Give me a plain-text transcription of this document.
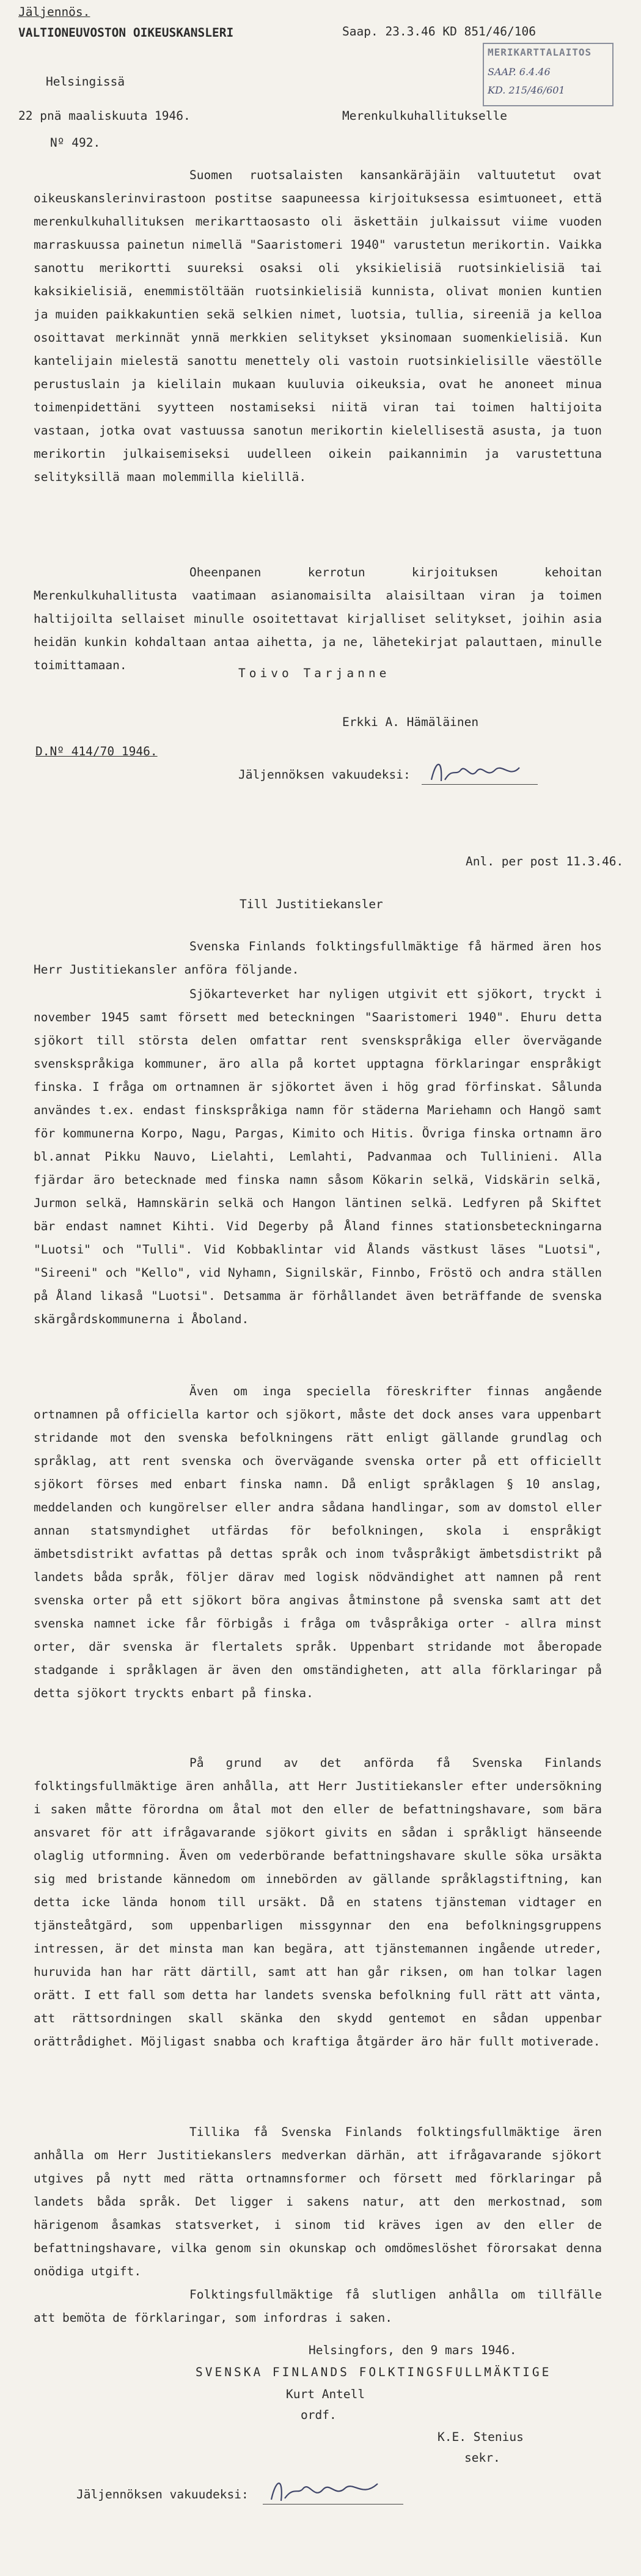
Jäljennös.
Saap. 23.3.46 KD 851/46/106
VALTIONEUVOSTON OIKEUSKANSLERI
Helsingissä
22 pnä maaliskuuta 1946.	Merenkulkuhallitukselle
Nº 492.
MERIKARTTALAITOS
SAAP. 6.4.46
KD. 215/46/601
Suomen ruotsalaisten kansankäräjäin valtuutetut ovat oikeuskanslerinvirastoon postitse saapuneessa kirjoituksessa esimtuoneet, että merenkulkuhallituksen merikarttaosasto oli äskettäin julkaissut viime vuoden marraskuussa painetun nimellä "Saaristomeri 1940" varustetun merikortin. Vaikka sanottu merikortti suureksi osaksi oli yksikielisiä ruotsinkielisiä tai kaksikielisiä, enemmistöltään ruotsinkielisiä kunnista, olivat monien kuntien ja muiden paikkakuntien sekä selkien nimet, luotsia, tullia, sireeniä ja kelloa osoittavat merkinnät ynnä merkkien selitykset yksinomaan suomenkielisiä. Kun kantelijain mielestä sanottu menettely oli vastoin ruotsinkielisille väestölle perustuslain ja kielilain mukaan kuuluvia oikeuksia, ovat he anoneet minua toimenpidettäni syytteen nostamiseksi niitä viran tai toimen haltijoita vastaan, jotka ovat vastuussa sanotun merikortin kielellisestä asusta, ja tuon merikortin julkaisemiseksi uudelleen oikein paikannimin ja varustettuna selityksillä maan molemmilla kielillä.
Oheenpanen kerrotun kirjoituksen kehoitan Merenkulkuhallitusta vaatimaan asianomaisilta alaisiltaan viran ja toimen haltijoilta sellaiset minulle osoitettavat kirjalliset selitykset, joihin asia heidän kunkin kohdaltaan antaa aihetta, ja ne, lähetekirjat palauttaen, minulle toimittamaan.
Toivo Tarjanne
Erkki A. Hämäläinen
D.Nº 414/70 1946.
Jäljennöksen vakuudeksi:
Anl. per post 11.3.46.
Till Justitiekansler
Svenska Finlands folktingsfullmäktige få härmed ären hos Herr Justitiekansler anföra följande.
Sjökarteverket har nyligen utgivit ett sjökort, tryckt i november 1945 samt försett med beteckningen "Saaristomeri 1940". Ehuru detta sjökort till största delen omfattar rent svenskspråkiga eller övervägande svenskspråkiga kommuner, äro alla på kortet upptagna förklaringar enspråkigt finska. I fråga om ortnamnen är sjökortet även i hög grad förfinskat. Sålunda användes t.ex. endast finskspråkiga namn för städerna Mariehamn och Hangö samt för kommunerna Korpo, Nagu, Pargas, Kimito och Hitis. Övriga finska ortnamn äro bl.annat Pikku Nauvo, Lielahti, Lemlahti, Padvanmaa och Tullinieni. Alla fjärdar äro betecknade med finska namn såsom Kökarin selkä, Vidskärin selkä, Jurmon selkä, Hamnskärin selkä och Hangon läntinen selkä. Ledfyren på Skiftet bär endast namnet Kihti. Vid Degerby på Åland finnes stationsbeteckningarna "Luotsi" och "Tulli". Vid Kobbaklintar vid Ålands västkust läses "Luotsi", "Sireeni" och "Kello", vid Nyhamn, Signilskär, Finnbo, Fröstö och andra ställen på Åland likaså "Luotsi". Detsamma är förhållandet även beträffande de svenska skärgårdskommunerna i Åboland.
Även om inga speciella föreskrifter finnas angående ortnamnen på officiella kartor och sjökort, måste det dock anses vara uppenbart stridande mot den svenska befolkningens rätt enligt gällande grundlag och språklag, att rent svenska och övervägande svenska orter på ett officiellt sjökort förses med enbart finska namn. Då enligt språklagen § 10 anslag, meddelanden och kungörelser eller andra sådana handlingar, som av domstol eller annan statsmyndighet utfärdas för befolkningen, skola i enspråkigt ämbetsdistrikt avfattas på dettas språk och inom tvåspråkigt ämbetsdistrikt på landets båda språk, följer därav med logisk nödvändighet att namnen på rent svenska orter på ett sjökort böra angivas åtminstone på svenska samt att det svenska namnet icke får förbigås i fråga om tvåspråkiga orter - allra minst orter, där svenska är flertalets språk. Uppenbart stridande mot åberopade stadgande i språklagen är även den omständigheten, att alla förklaringar på detta sjökort tryckts enbart på finska.
På grund av det anförda få Svenska Finlands folktingsfullmäktige ären anhålla, att Herr Justitiekansler efter undersökning i saken måtte förordna om åtal mot den eller de befattningshavare, som bära ansvaret för att ifrågavarande sjökort givits en sådan i språkligt hänseende olaglig utformning. Även om vederbörande befattningshavare skulle söka ursäkta sig med bristande kännedom om innebörden av gällande språklagstiftning, kan detta icke lända honom till ursäkt. Då en statens tjänsteman vidtager en tjänsteåtgärd, som uppenbarligen missgynnar den ena befolkningsgruppens intressen, är det minsta man kan begära, att tjänstemannen ingående utreder, huruvida han har rätt därtill, samt att han går riksen, om han tolkar lagen orätt. I ett fall som detta har landets svenska befolkning full rätt att vänta, att rättsordningen skall skänka den skydd gentemot en sådan uppenbar orättrådighet. Möjligast snabba och kraftiga åtgärder äro här fullt motiverade.
Tillika få Svenska Finlands folktingsfullmäktige ären anhålla om Herr Justitiekanslers medverkan därhän, att ifrågavarande sjökort utgives på nytt med rätta ortnamnsformer och försett med förklaringar på landets båda språk. Det ligger i sakens natur, att den merkostnad, som härigenom åsamkas statsverket, i sinom tid kräves igen av den eller de befattningshavare, vilka genom sin okunskap och omdömeslöshet förorsakat denna onödiga utgift.
Folktingsfullmäktige få slutligen anhålla om tillfälle att bemöta de förklaringar, som infordras i saken.
Helsingfors, den 9 mars 1946.
SVENSKA FINLANDS FOLKTINGSFULLMÄKTIGE
Kurt Antell
ordf.
K.E. Stenius
sekr.
Jäljennöksen vakuudeksi:
